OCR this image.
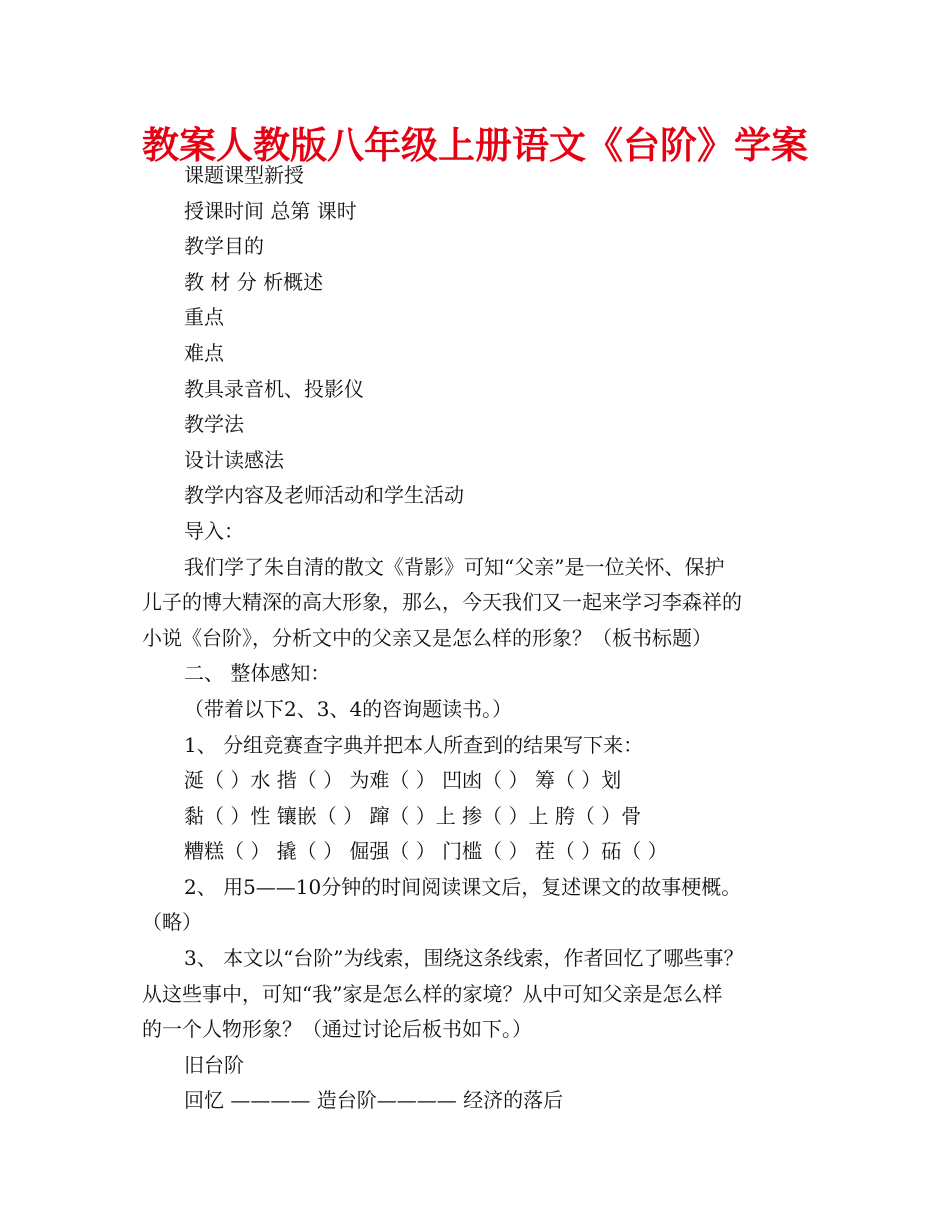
教案人教版八年级上册语文《台阶》学案
课题课型新授
授课时间 总第 课时
教学目的
教 材 分 析概述
重点
难点
教具录音机、投影仪
教学法
设计读感法
教学内容及老师活动和学生活动
导入：
我们学了朱自清的散文《背影》可知“父亲”是一位关怀、保护
儿子的博大精深的高大形象，那么，今天我们又一起来学习李森祥的
小说《台阶》，分析文中的父亲又是怎么样的形象？（板书标题）
二、 整体感知：
（带着以下2、3、4的咨询题读书。）
1、 分组竞赛查字典并把本人所查到的结果写下来：
涎（ ）水 揩（ ） 为难（ ） 凹凼（ ） 筹（ ）划
黏（ ）性 镶嵌（ ） 蹿（ ）上 掺（ ）上 胯（ ）骨
糟糕（ ） 撬（ ） 倔强（ ） 门槛（ ） 茬（ ）砳（ ）
2、 用5——10分钟的时间阅读课文后，复述课文的故事梗概。
（略）
3、 本文以“台阶”为线索，围绕这条线索，作者回忆了哪些事？
从这些事中，可知“我”家是怎么样的家境？从中可知父亲是怎么样
的一个人物形象？（通过讨论后板书如下。）
旧台阶
回忆 ———— 造台阶———— 经济的落后
